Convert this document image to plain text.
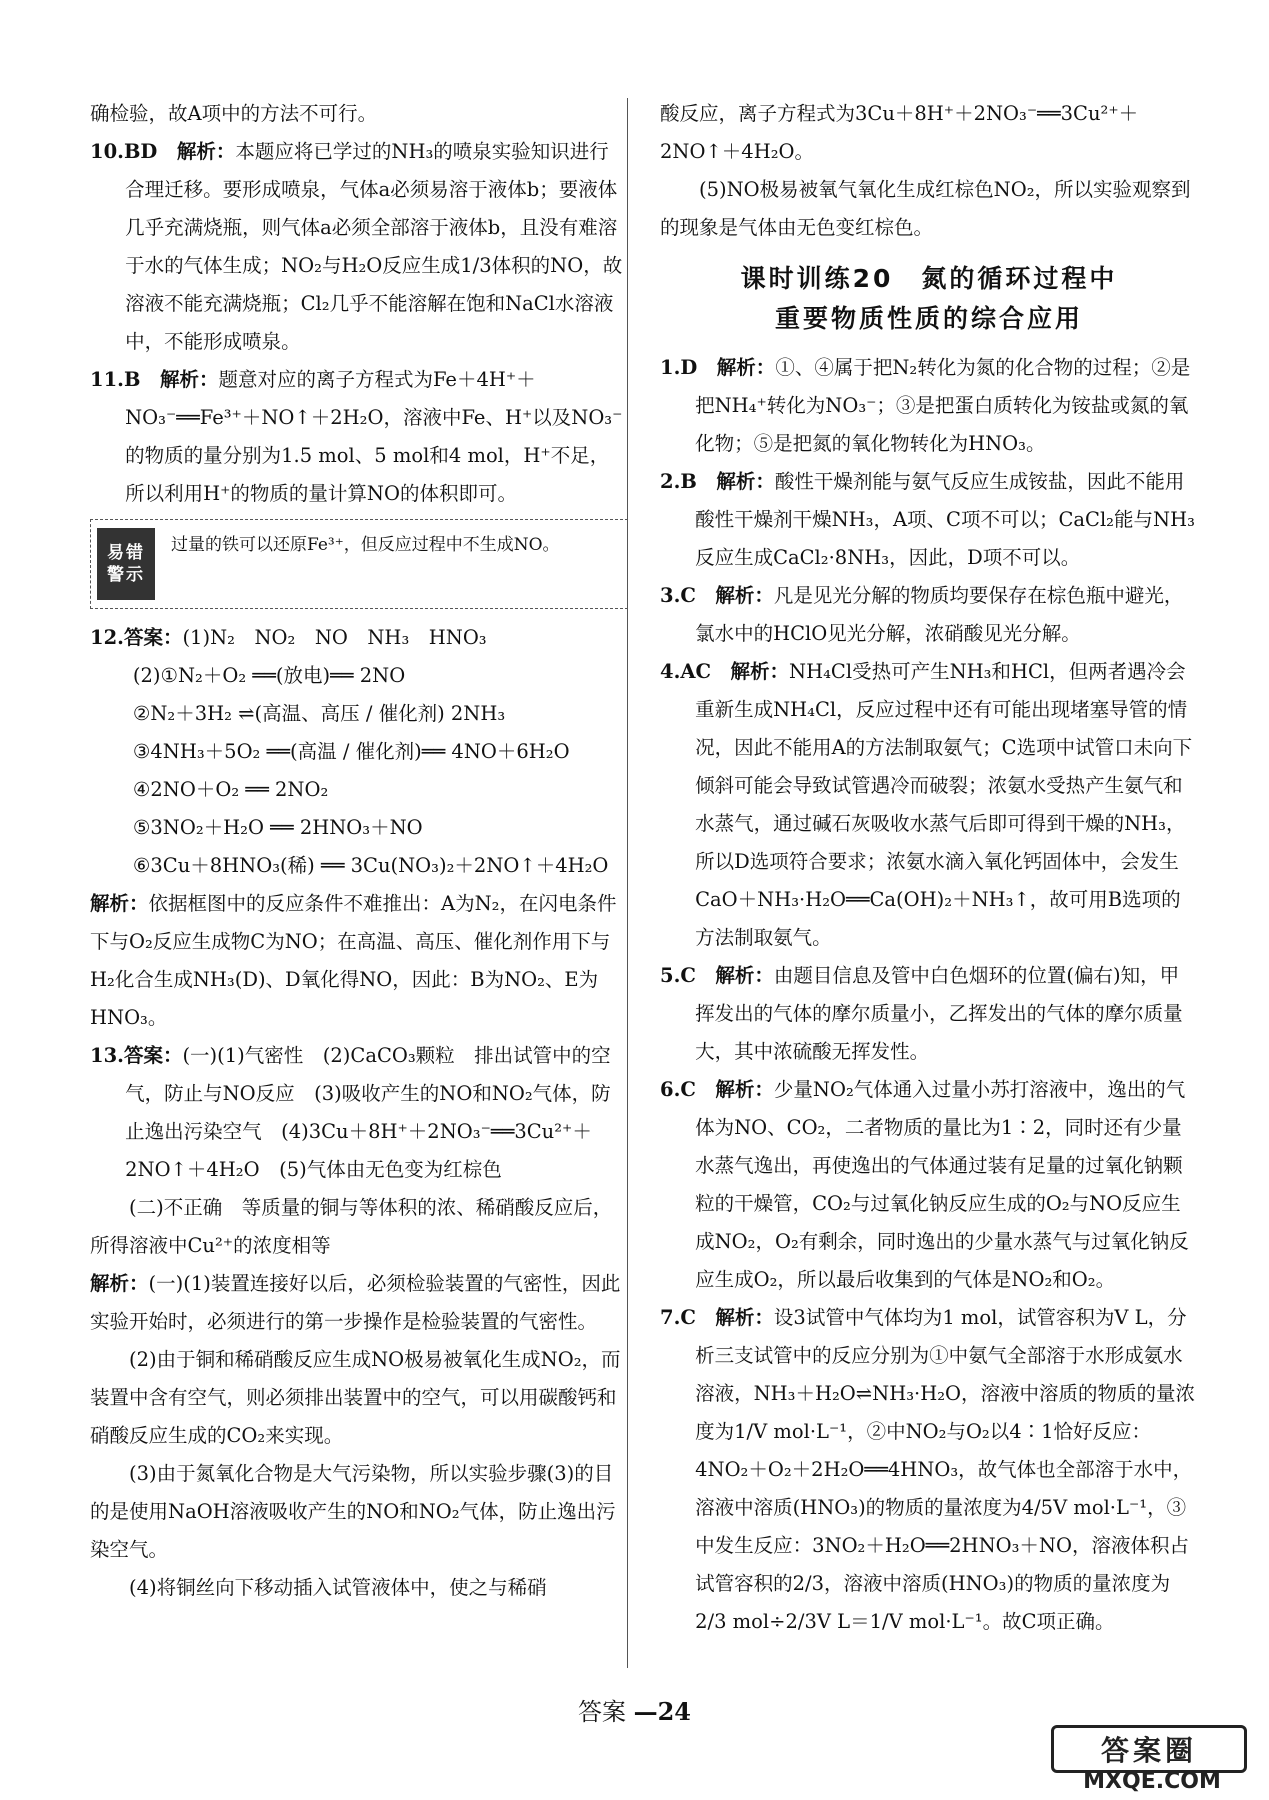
确检验，故A项中的方法不可行。

10.BD　 解析：本题应将已学过的NH₃的喷泉实验知识进行合理迁移。要形成喷泉，气体a必须易溶于液体b；要液体几乎充满烧瓶，则气体a必须全部溶于液体b，且没有难溶于水的气体生成；NO₂与H₂O反应生成1/3体积的NO，故溶液不能充满烧瓶；Cl₂几乎不能溶解在饱和NaCl水溶液中，不能形成喷泉。
11.B　 解析：题意对应的离子方程式为Fe＋4H⁺＋NO₃⁻══Fe³⁺＋NO↑＋2H₂O，溶液中Fe、H⁺以及NO₃⁻的物质的量分别为1.5 mol、5 mol和4 mol，H⁺不足，所以利用H⁺的物质的量计算NO的体积即可。
易错
警示
过量的铁可以还原Fe³⁺，但反应过程中不生成NO。
12.答案：(1)N₂　NO₂　NO　NH₃　HNO₃

(2)①N₂＋O₂ ══(放电)══ 2NO

②N₂＋3H₂ ⇌(高温、高压 / 催化剂) 2NH₃

③4NH₃＋5O₂ ══(高温 / 催化剂)══ 4NO＋6H₂O

④2NO＋O₂ ══ 2NO₂

⑤3NO₂＋H₂O ══ 2HNO₃＋NO

⑥3Cu＋8HNO₃(稀) ══ 3Cu(NO₃)₂＋2NO↑＋4H₂O

解析：依据框图中的反应条件不难推出：A为N₂，在闪电条件下与O₂反应生成物C为NO；在高温、高压、催化剂作用下与H₂化合生成NH₃(D)、D氧化得NO，因此：B为NO₂、E为HNO₃。

13.答案：(一)(1)气密性　(2)CaCO₃颗粒　排出试管中的空气，防止与NO反应　(3)吸收产生的NO和NO₂气体，防止逸出污染空气　(4)3Cu＋8H⁺＋2NO₃⁻══3Cu²⁺＋2NO↑＋4H₂O　(5)气体由无色变为红棕色

(二)不正确　等质量的铜与等体积的浓、稀硝酸反应后，所得溶液中Cu²⁺的浓度相等

解析：(一)(1)装置连接好以后，必须检验装置的气密性，因此实验开始时，必须进行的第一步操作是检验装置的气密性。

(2)由于铜和稀硝酸反应生成NO极易被氧化生成NO₂，而装置中含有空气，则必须排出装置中的空气，可以用碳酸钙和硝酸反应生成的CO₂来实现。

(3)由于氮氧化合物是大气污染物，所以实验步骤(3)的目的是使用NaOH溶液吸收产生的NO和NO₂气体，防止逸出污染空气。

(4)将铜丝向下移动插入试管液体中，使之与稀硝

酸反应，离子方程式为3Cu＋8H⁺＋2NO₃⁻══3Cu²⁺＋2NO↑＋4H₂O。

(5)NO极易被氧气氧化生成红棕色NO₂，所以实验观察到的现象是气体由无色变红棕色。

课时训练20　氮的循环过程中
重要物质性质的综合应用
1.D　 解析：①、④属于把N₂转化为氮的化合物的过程；②是把NH₄⁺转化为NO₃⁻；③是把蛋白质转化为铵盐或氮的氧化物；⑤是把氮的氧化物转化为HNO₃。
2.B　 解析：酸性干燥剂能与氨气反应生成铵盐，因此不能用酸性干燥剂干燥NH₃，A项、C项不可以；CaCl₂能与NH₃反应生成CaCl₂·8NH₃，因此，D项不可以。
3.C　 解析：凡是见光分解的物质均要保存在棕色瓶中避光，氯水中的HClO见光分解，浓硝酸见光分解。
4.AC　 解析：NH₄Cl受热可产生NH₃和HCl，但两者遇冷会重新生成NH₄Cl，反应过程中还有可能出现堵塞导管的情况，因此不能用A的方法制取氨气；C选项中试管口未向下倾斜可能会导致试管遇冷而破裂；浓氨水受热产生氨气和水蒸气，通过碱石灰吸收水蒸气后即可得到干燥的NH₃，所以D选项符合要求；浓氨水滴入氧化钙固体中，会发生CaO＋NH₃·H₂O══Ca(OH)₂＋NH₃↑，故可用B选项的方法制取氨气。
5.C　 解析：由题目信息及管中白色烟环的位置(偏右)知，甲挥发出的气体的摩尔质量小，乙挥发出的气体的摩尔质量大，其中浓硫酸无挥发性。
6.C　 解析：少量NO₂气体通入过量小苏打溶液中，逸出的气体为NO、CO₂，二者物质的量比为1∶2，同时还有少量水蒸气逸出，再使逸出的气体通过装有足量的过氧化钠颗粒的干燥管，CO₂与过氧化钠反应生成的O₂与NO反应生成NO₂，O₂有剩余，同时逸出的少量水蒸气与过氧化钠反应生成O₂，所以最后收集到的气体是NO₂和O₂。
7.C　 解析：设3试管中气体均为1 mol，试管容积为V L，分析三支试管中的反应分别为①中氨气全部溶于水形成氨水溶液，NH₃＋H₂O⇌NH₃·H₂O，溶液中溶质的物质的量浓度为1/V mol·L⁻¹，②中NO₂与O₂以4∶1恰好反应：4NO₂＋O₂＋2H₂O══4HNO₃，故气体也全部溶于水中，溶液中溶质(HNO₃)的物质的量浓度为4/5V mol·L⁻¹，③中发生反应：3NO₂＋H₂O══2HNO₃＋NO，溶液体积占试管容积的2/3，溶液中溶质(HNO₃)的物质的量浓度为2/3 mol÷2/3V L＝1/V mol·L⁻¹。故C项正确。
答案 —24
答案圈
MXQE.COM
